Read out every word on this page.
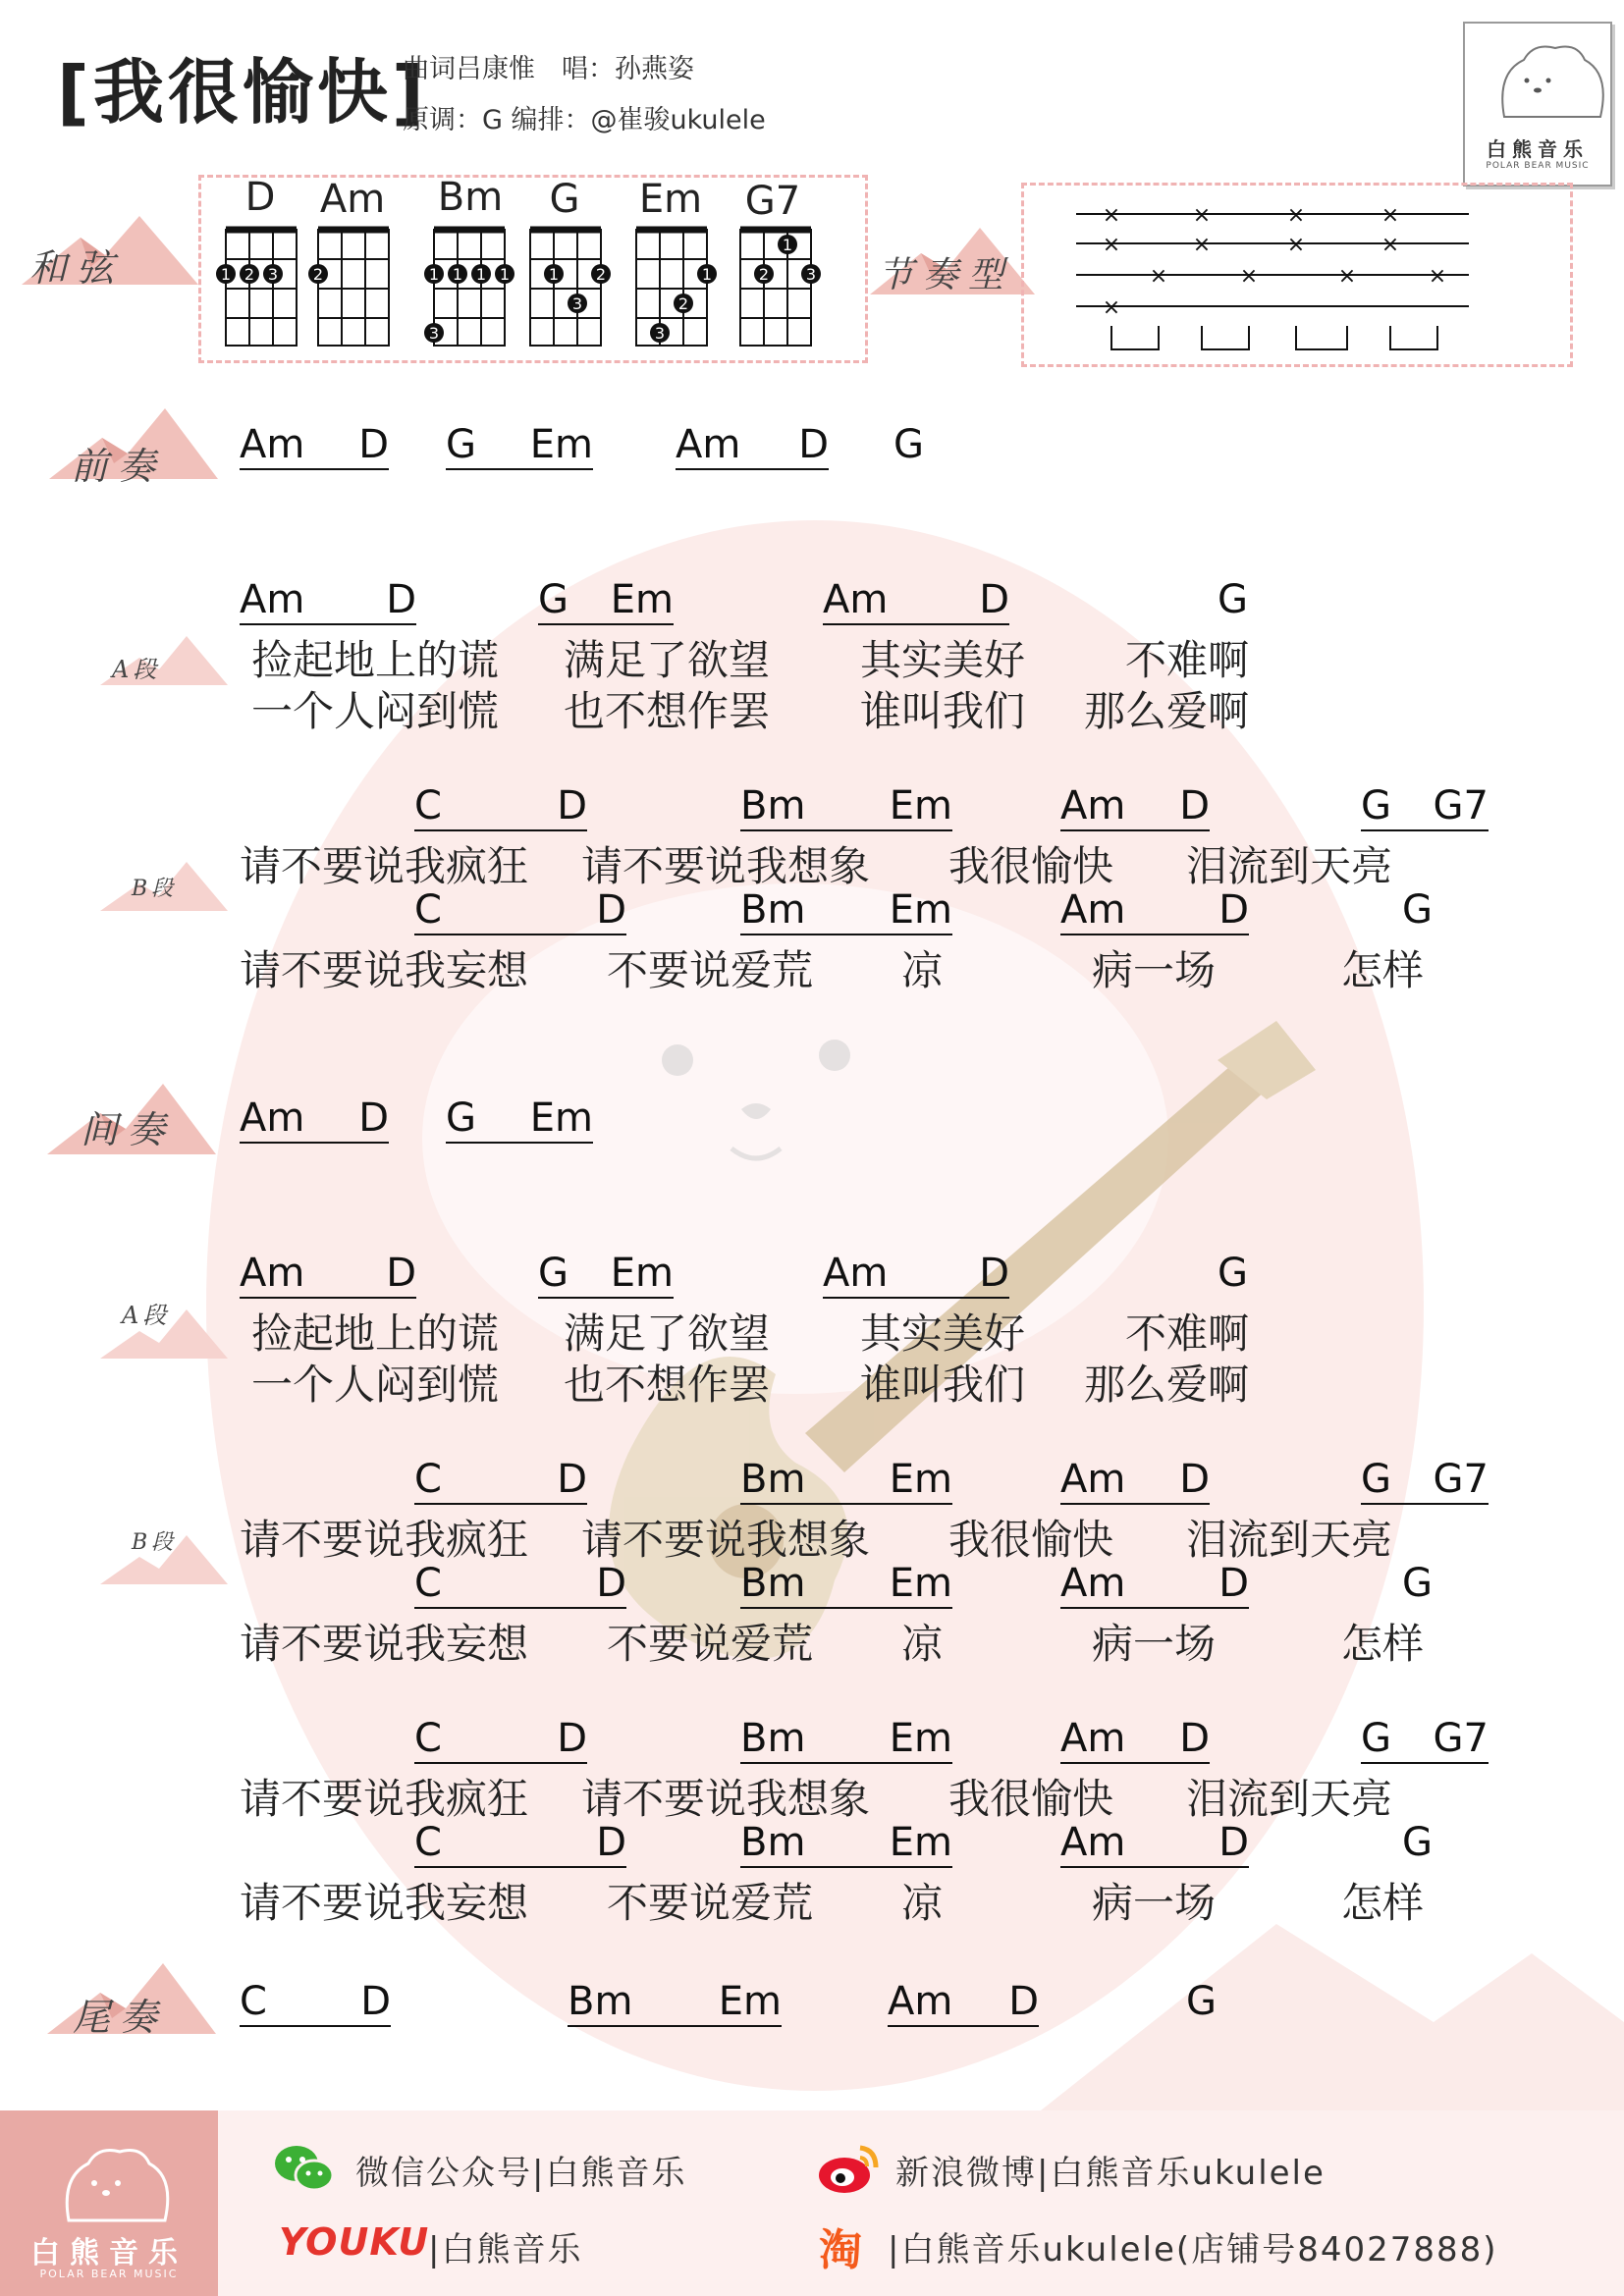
[我很愉快]
曲词吕康惟　唱：孙燕姿
原调：G 编排：@崔骏ukulele
白熊音乐
POLAR BEAR MUSIC
和弦
D	Am Bm	G	Em	G7
1 2 3 2	1 1 1 1
3
1 2
3
1
2
3
1
2 3 节奏型
×	×	×	×
×	×	×	×
×	×	×	×
×
前奏 Am D G Em Am D G
A段
Am D	G Em	Am D	G
捡起地上的谎 满足了欲望 其实美好 不难啊
一个人闷到慌 也不想作罢 谁叫我们 那么爱啊
B段
C	D	Bm Em	Am D	G G7
请不要说我疯狂 请不要说我想象 我很愉快 泪流到天亮
C	D	Bm Em	Am D	G
请不要说我妄想 不要说爱荒 凉	病一场	怎样
间奏 Am D G Em
A段
Am D	G Em	Am D	G
捡起地上的谎 满足了欲望 其实美好 不难啊
一个人闷到慌 也不想作罢 谁叫我们 那么爱啊
B段
C	D	Bm Em	Am D	G G7
请不要说我疯狂 请不要说我想象 我很愉快 泪流到天亮
C	D	Bm Em	Am D	G
请不要说我妄想 不要说爱荒 凉	病一场	怎样
C	D	Bm Em	Am D	G G7
请不要说我疯狂 请不要说我想象 我很愉快 泪流到天亮
C	D	Bm Em	Am D	G
请不要说我妄想 不要说爱荒 凉	病一场	怎样
尾奏 C D	Bm Em	Am D	G
白熊音乐
POLAR BEAR MUSIC
微信公众号|白熊音乐	新浪微博|白熊音乐ukulele
YOUKU
|白熊音乐	淘 |白熊音乐ukulele(店铺号84027888)
